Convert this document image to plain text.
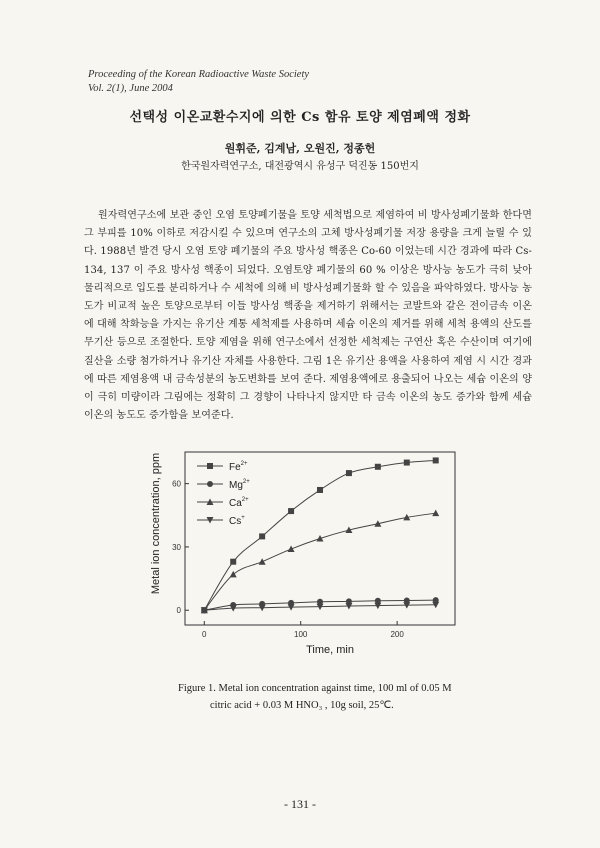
Proceeding of the Korean Radioactive Waste Society
Vol. 2(1), June 2004
선택성 이온교환수지에 의한 Cs 함유 토양 제염폐액 정화
원휘준, 김계남, 오원진, 정종헌
한국원자력연구소, 대전광역시 유성구 덕진동 150번지

원자력연구소에 보관 중인 오염 토양폐기물을 토양 세척법으로 제염하여 비 방사성폐기물화 한다면 그 부피를 10% 이하로 저감시킬 수 있으며 연구소의 고체 방사성폐기물 저장 용량을 크게 늘릴 수 있다. 1988년 발견 당시 오염 토양 폐기물의 주요 방사성 핵종은 Co-60 이었는데 시간 경과에 따라 Cs-134, 137 이 주요 방사성 핵종이 되었다. 오염토양 폐기물의 60 % 이상은 방사능 농도가 극히 낮아 물리적으로 입도를 분리하거나 수 세척에 의해 비 방사성폐기물화 할 수 있음을 파악하였다. 방사능 농도가 비교적 높은 토양으로부터 이들 방사성 핵종을 제거하기 위해서는 코발트와 같은 전이금속 이온에 대해 착화능을 가지는 유기산 계통 세척제를 사용하며 세슘 이온의 제거를 위해 세척 용액의 산도를 무기산 등으로 조절한다. 토양 제염을 위해 연구소에서 선정한 세척제는 구연산 혹은 수산이며 여기에 질산을 소량 첨가하거나 유기산 자체를 사용한다. 그림 1은 유기산 용액을 사용하여 제염 시 시간 경과에 따른 제염용액 내 금속성분의 농도변화를 보여 준다. 제염용액에로 용출되어 나오는 세슘 이온의 양이 극히 미량이라 그림에는 정확히 그 경향이 나타나지 않지만 타 금속 이온의 농도 증가와 함께 세슘 이온의 농도도 증가함을 보여준다.

0	100	200
0
30
60
Time, min
Metal ion concentration, ppm	$Fe^{2+}$
$Mg^{2+}$
$Ca^{2+}$
Cs+
Figure 1. Metal ion concentration against time, 100 ml of 0.05 M
citric acid + 0.03 M HNO₃ , 10g soil, 25℃.
- 131 -
